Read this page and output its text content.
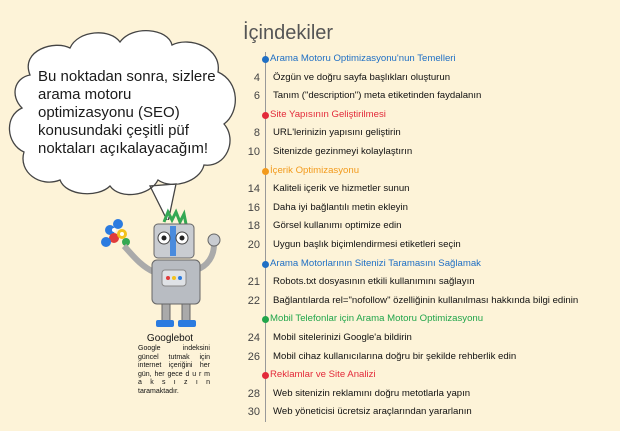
Bu noktadan sonra, sizlere
arama motoru
optimizasyonu (SEO)
konusundaki çeşitli püf
noktaları açıkalayacağım!
Googlebot
Google indeksini güncel tutmak için internet içeriğini her gün, her gece d u r m a k s ı z ı n taramaktadır.
İçindekiler
Arama Motoru Optimizasyonu'nun Temelleri
4 Özgün ve doğru sayfa başlıkları oluşturun
6 Tanım ("description") meta etiketinden faydalanın
Site Yapısının Geliştirilmesi
8 URL'lerinizin yapısını geliştirin
10 Sitenizde gezinmeyi kolaylaştırın
İçerik Optimizasyonu
14 Kaliteli içerik ve hizmetler sunun
16 Daha iyi bağlantılı metin ekleyin
18 Görsel kullanımı optimize edin
20 Uygun başlık biçimlendirmesi etiketleri seçin
Arama Motorlarının Sitenizi Taramasını Sağlamak
21 Robots.txt dosyasının etkili kullanımını sağlayın
22 Bağlantılarda rel="nofollow" özelliğinin kullanılması hakkında bilgi edinin
Mobil Telefonlar için Arama Motoru Optimizasyonu
24 Mobil sitelerinizi Google'a bildirin
26 Mobil cihaz kullanıcılarına doğru bir şekilde rehberlik edin
Reklamlar ve Site Analizi
28 Web sitenizin reklamını doğru metotlarla yapın
30 Web yöneticisi ücretsiz araçlarından yararlanın
